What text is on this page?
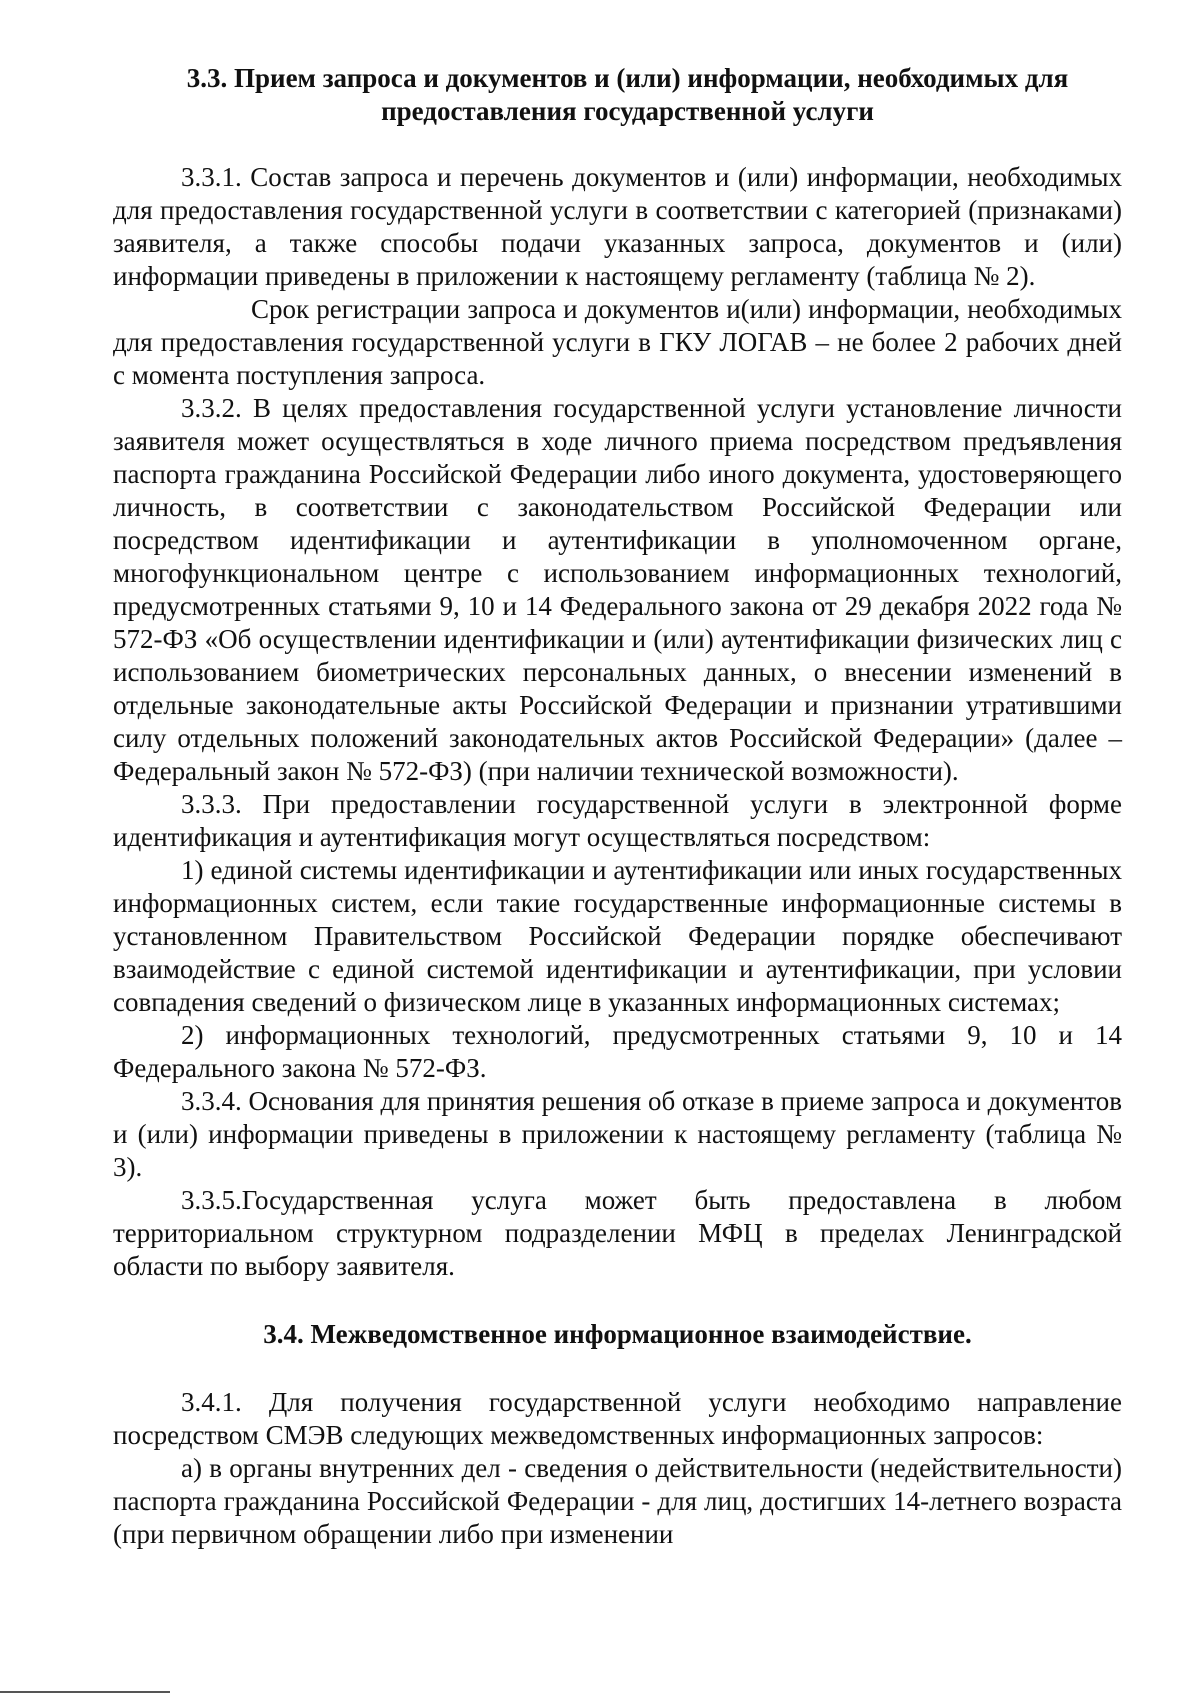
3.3. Прием запроса и документов и (или) информации, необходимых для предоставления государственной услуги

3.3.1. Состав запроса и перечень документов и (или) информации, необходимых для предоставления государственной услуги в соответствии с категорией (признаками) заявителя, а также способы подачи указанных запроса, документов и (или) информации приведены в приложении к настоящему регламенту (таблица № 2).

Срок регистрации запроса и документов и(или) информации, необходимых для предоставления государственной услуги в ГКУ ЛОГАВ – не более 2 рабочих дней с момента поступления запроса.

3.3.2. В целях предоставления государственной услуги установление личности заявителя может осуществляться в ходе личного приема посредством предъявления паспорта гражданина Российской Федерации либо иного документа, удостоверяющего личность, в соответствии с законодательством Российской Федерации или посредством идентификации и аутентификации в уполномоченном органе, многофункциональном центре с использованием информационных технологий, предусмотренных статьями 9, 10 и 14 Федерального закона от 29 декабря 2022 года № 572-ФЗ «Об осуществлении идентификации и (или) аутентификации физических лиц с использованием биометрических персональных данных, о внесении изменений в отдельные законодательные акты Российской Федерации и признании утратившими силу отдельных положений законодательных актов Российской Федерации» (далее – Федеральный закон № 572-ФЗ) (при наличии технической возможности).

3.3.3. При предоставлении государственной услуги в электронной форме идентификация и аутентификация могут осуществляться посредством:

1) единой системы идентификации и аутентификации или иных государственных информационных систем, если такие государственные информационные системы в установленном Правительством Российской Федерации порядке обеспечивают взаимодействие с единой системой идентификации и аутентификации, при условии совпадения сведений о физическом лице в указанных информационных системах;

2) информационных технологий, предусмотренных статьями 9, 10 и 14 Федерального закона № 572-ФЗ.

3.3.4. Основания для принятия решения об отказе в приеме запроса и документов и (или) информации приведены в приложении к настоящему регламенту (таблица № 3).

3.3.5.Государственная услуга может быть предоставлена в любом территориальном структурном подразделении МФЦ в пределах Ленинградской области по выбору заявителя.

3.4. Межведомственное информационное взаимодействие.

3.4.1. Для получения государственной услуги необходимо направление посредством СМЭВ следующих межведомственных информационных запросов:

а) в органы внутренних дел - сведения о действительности (недействительности) паспорта гражданина Российской Федерации - для лиц, достигших 14-летнего возраста (при первичном обращении либо при изменении
